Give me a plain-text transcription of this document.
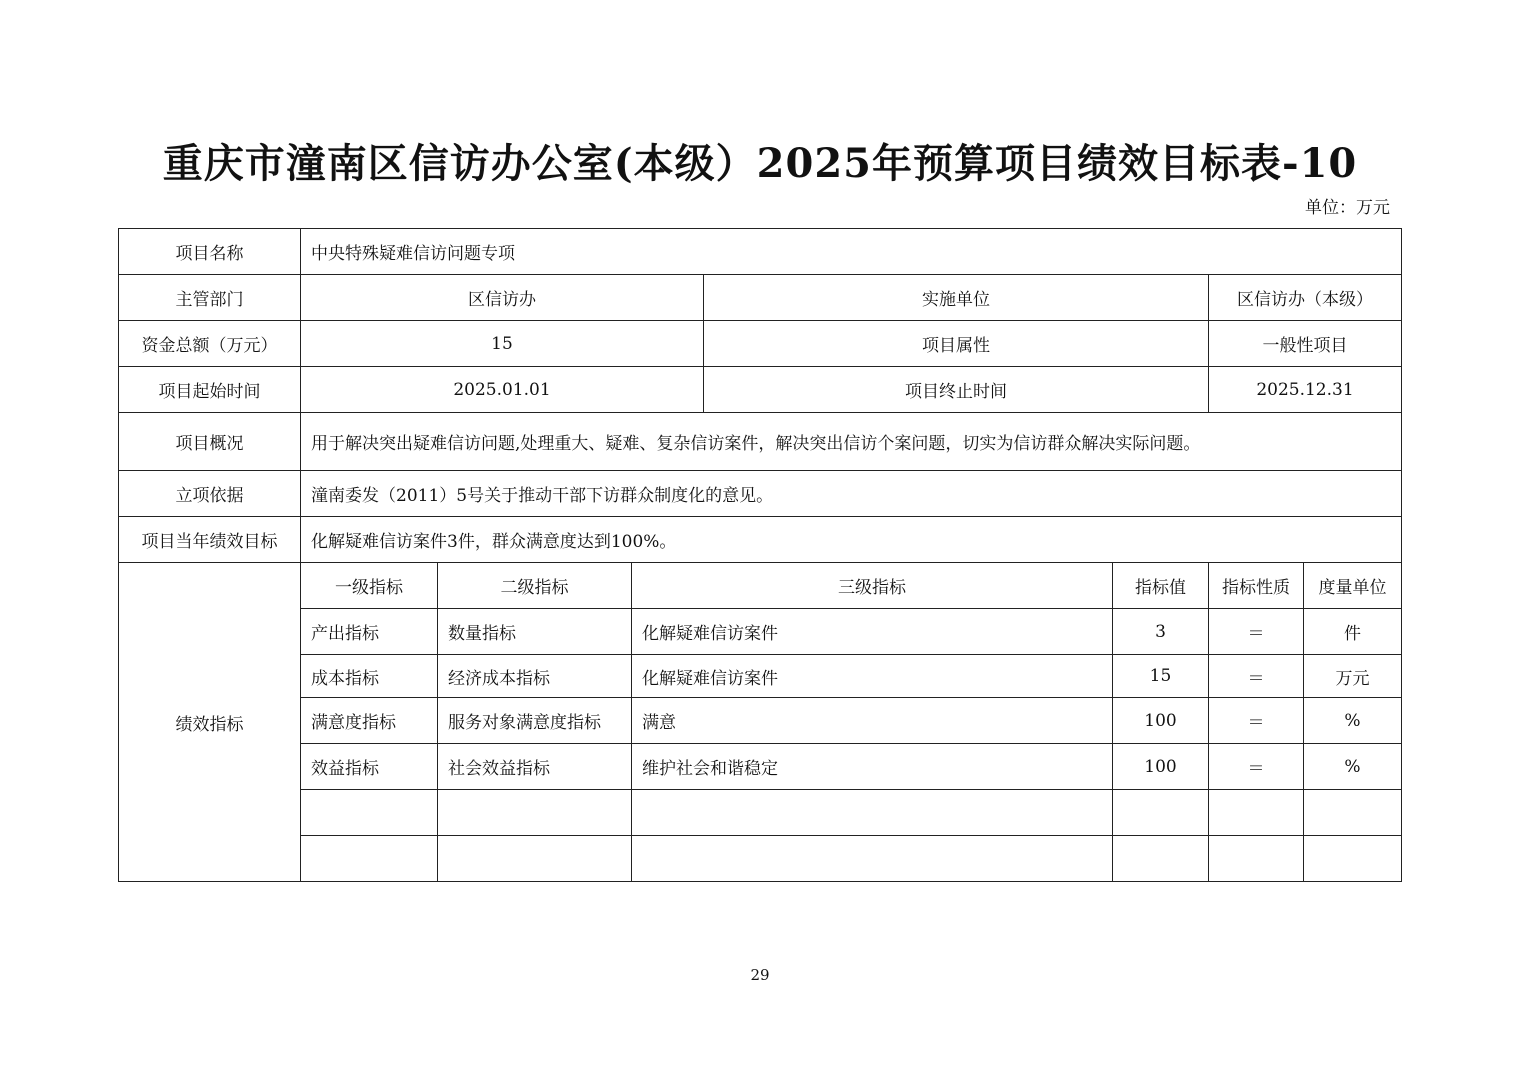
重庆市潼南区信访办公室(本级）2025年预算项目绩效目标表-10
单位：万元
项目名称	中央特殊疑难信访问题专项						
主管部门	区信访办			实施单位		区信访办（本级）	
资金总额（万元）	15			项目属性		一般性项目	
项目起始时间	2025.01.01			项目终止时间		2025.12.31	
项目概况	用于解决突出疑难信访问题,处理重大、疑难、复杂信访案件，解决突出信访个案问题，切实为信访群众解决实际问题。						
立项依据	潼南委发（2011）5号关于推动干部下访群众制度化的意见。						
项目当年绩效目标	化解疑难信访案件3件，群众满意度达到100%。						
绩效指标	一级指标	二级指标	三级指标		指标值	指标性质	度量单位
	产出指标	数量指标	化解疑难信访案件		3	＝	件
	成本指标	经济成本指标	化解疑难信访案件		15	＝	万元
	满意度指标	服务对象满意度指标	满意		100	＝	%
	效益指标	社会效益指标	维护社会和谐稳定		100	＝	%

29
